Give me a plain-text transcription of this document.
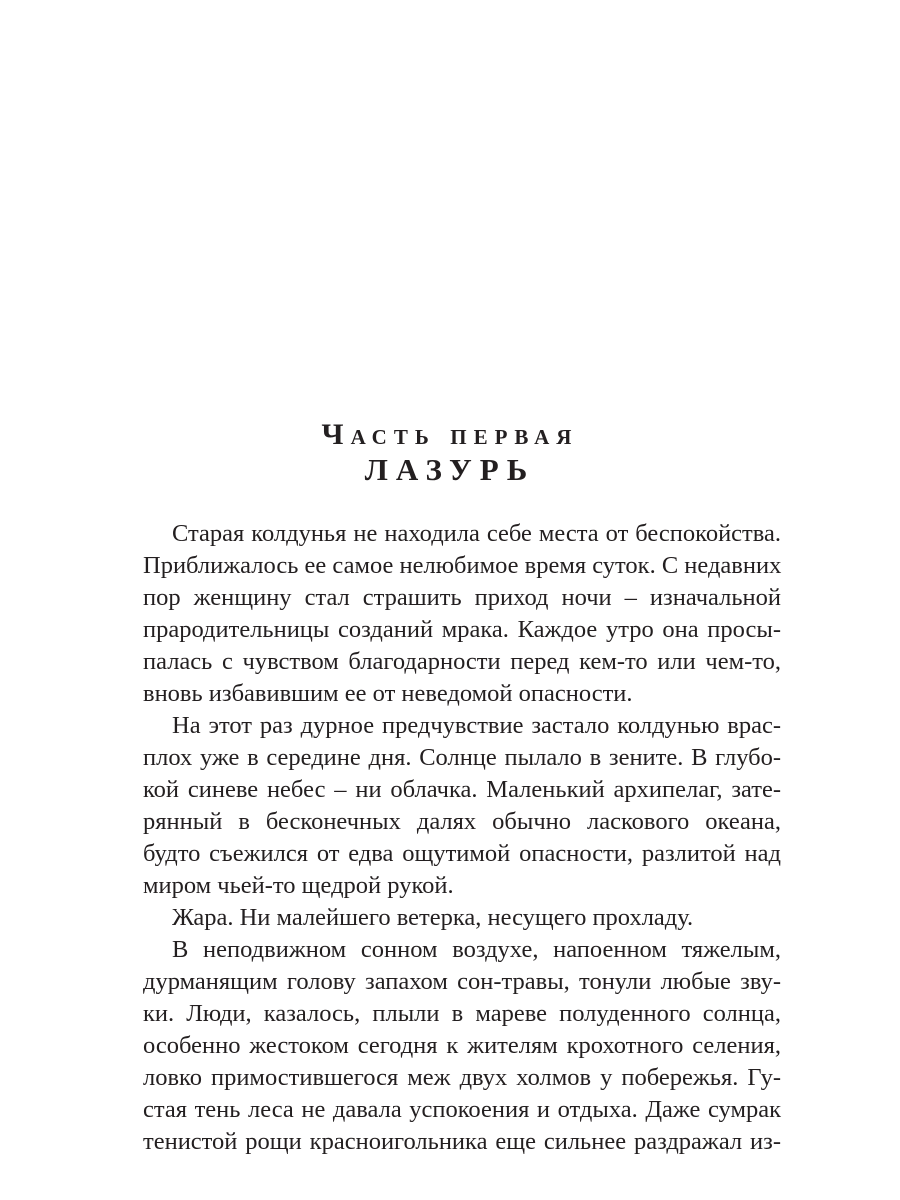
Часть первая
ЛАЗУРЬ
Старая колдунья не находила себе места от беспокойства.
Приближалось ее самое нелюбимое время суток. С недавних
пор женщину стал страшить приход ночи – изначальной
прародительницы созданий мрака. Каждое утро она просы-
палась с чувством благодарности перед кем-то или чем-то,
вновь избавившим ее от неведомой опасности.
На этот раз дурное предчувствие застало колдунью врас-
плох уже в середине дня. Солнце пылало в зените. В глубо-
кой синеве небес – ни облачка. Маленький архипелаг, зате-
рянный в бесконечных далях обычно ласкового океана,
будто съежился от едва ощутимой опасности, разлитой над
миром чьей-то щедрой рукой.
Жара. Ни малейшего ветерка, несущего прохладу.
В неподвижном сонном воздухе, напоенном тяжелым,
дурманящим голову запахом сон-травы, тонули любые зву-
ки. Люди, казалось, плыли в мареве полуденного солнца,
особенно жестоком сегодня к жителям крохотного селения,
ловко примостившегося меж двух холмов у побережья. Гу-
стая тень леса не давала успокоения и отдыха. Даже сумрак
тенистой рощи красноигольника еще сильнее раздражал из-
